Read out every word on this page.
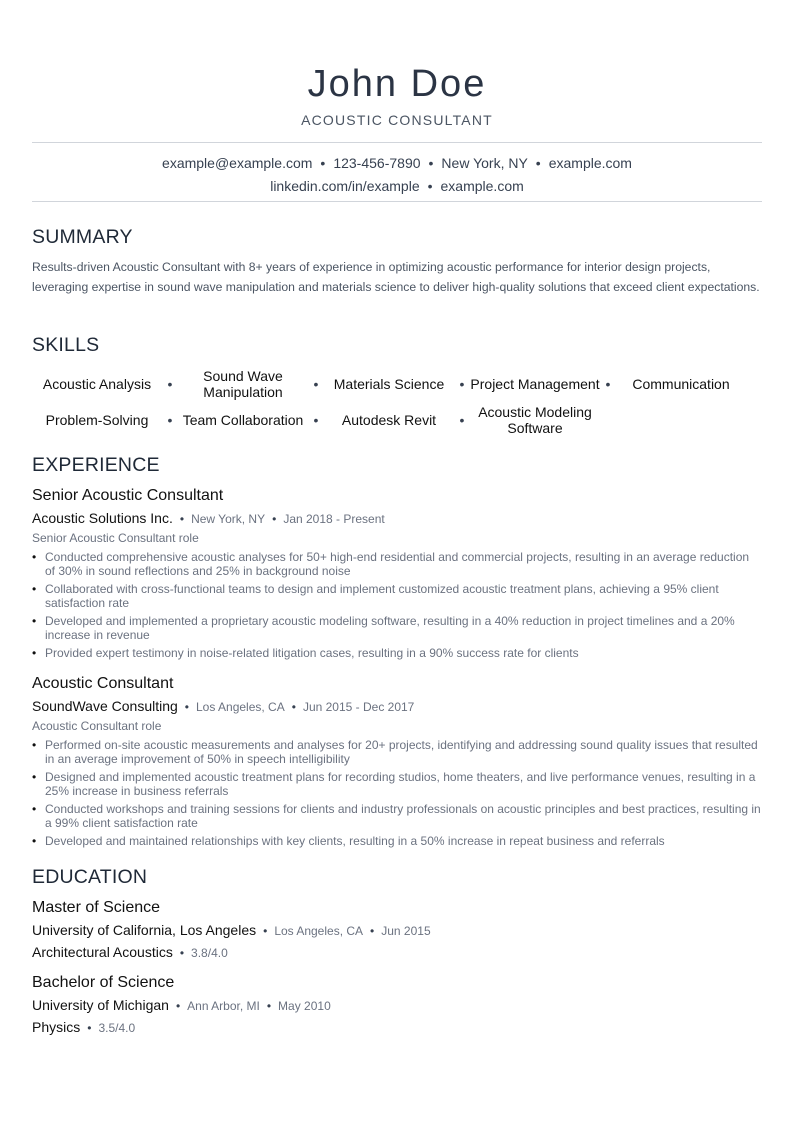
John Doe
ACOUSTIC CONSULTANT
example@example.com • 123-456-7890 • New York, NY • example.com
linkedin.com/in/example • example.com
SUMMARY
Results-driven Acoustic Consultant with 8+ years of experience in optimizing acoustic performance for interior design projects, leveraging expertise in sound wave manipulation and materials science to deliver high-quality solutions that exceed client expectations.
SKILLS
Acoustic Analysis	•	Sound Wave Manipulation	•	Materials Science	• Project Management •	Communication
Problem-Solving	• Team Collaboration •	Autodesk Revit	• Acoustic Modeling Software
EXPERIENCE
Senior Acoustic Consultant
Acoustic Solutions Inc. • New York, NY • Jan 2018 - Present
Senior Acoustic Consultant role
• Conducted comprehensive acoustic analyses for 50+ high-end residential and commercial projects, resulting in an average reduction of 30% in sound reflections and 25% in background noise
• Collaborated with cross-functional teams to design and implement customized acoustic treatment plans, achieving a 95% client satisfaction rate
• Developed and implemented a proprietary acoustic modeling software, resulting in a 40% reduction in project timelines and a 20% increase in revenue
• Provided expert testimony in noise-related litigation cases, resulting in a 90% success rate for clients
Acoustic Consultant
SoundWave Consulting • Los Angeles, CA • Jun 2015 - Dec 2017
Acoustic Consultant role
• Performed on-site acoustic measurements and analyses for 20+ projects, identifying and addressing sound quality issues that resulted in an average improvement of 50% in speech intelligibility
• Designed and implemented acoustic treatment plans for recording studios, home theaters, and live performance venues, resulting in a 25% increase in business referrals
• Conducted workshops and training sessions for clients and industry professionals on acoustic principles and best practices, resulting in a 99% client satisfaction rate
• Developed and maintained relationships with key clients, resulting in a 50% increase in repeat business and referrals
EDUCATION
Master of Science
University of California, Los Angeles • Los Angeles, CA • Jun 2015
Architectural Acoustics • 3.8/4.0
Bachelor of Science
University of Michigan • Ann Arbor, MI • May 2010
Physics • 3.5/4.0
